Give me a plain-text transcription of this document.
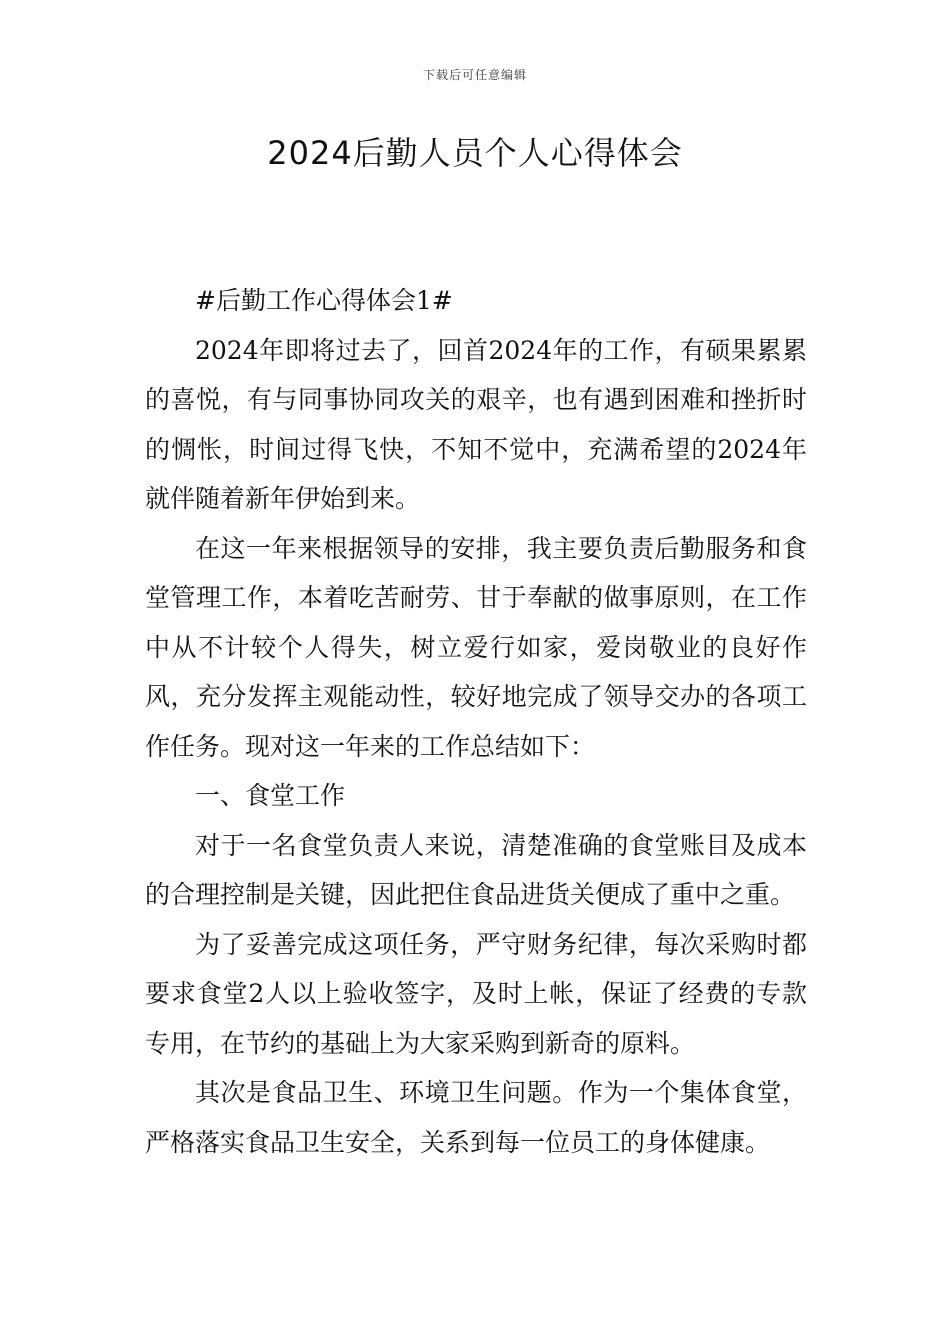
下载后可任意编辑
2024后勤人员个人心得体会

#后勤工作心得体会1#

2024年即将过去了，回首2024年的工作，有硕果累累的喜悦，有与同事协同攻关的艰辛，也有遇到困难和挫折时的惆怅，时间过得飞快，不知不觉中，充满希望的2024年就伴随着新年伊始到来。

在这一年来根据领导的安排，我主要负责后勤服务和食堂管理工作，本着吃苦耐劳、甘于奉献的做事原则，在工作中从不计较个人得失，树立爱行如家，爱岗敬业的良好作风，充分发挥主观能动性，较好地完成了领导交办的各项工作任务。现对这一年来的工作总结如下：

一、食堂工作

对于一名食堂负责人来说，清楚准确的食堂账目及成本的合理控制是关键，因此把住食品进货关便成了重中之重。

为了妥善完成这项任务，严守财务纪律，每次采购时都要求食堂2人以上验收签字，及时上帐，保证了经费的专款专用，在节约的基础上为大家采购到新奇的原料。

其次是食品卫生、环境卫生问题。作为一个集体食堂，严格落实食品卫生安全，关系到每一位员工的身体健康。
